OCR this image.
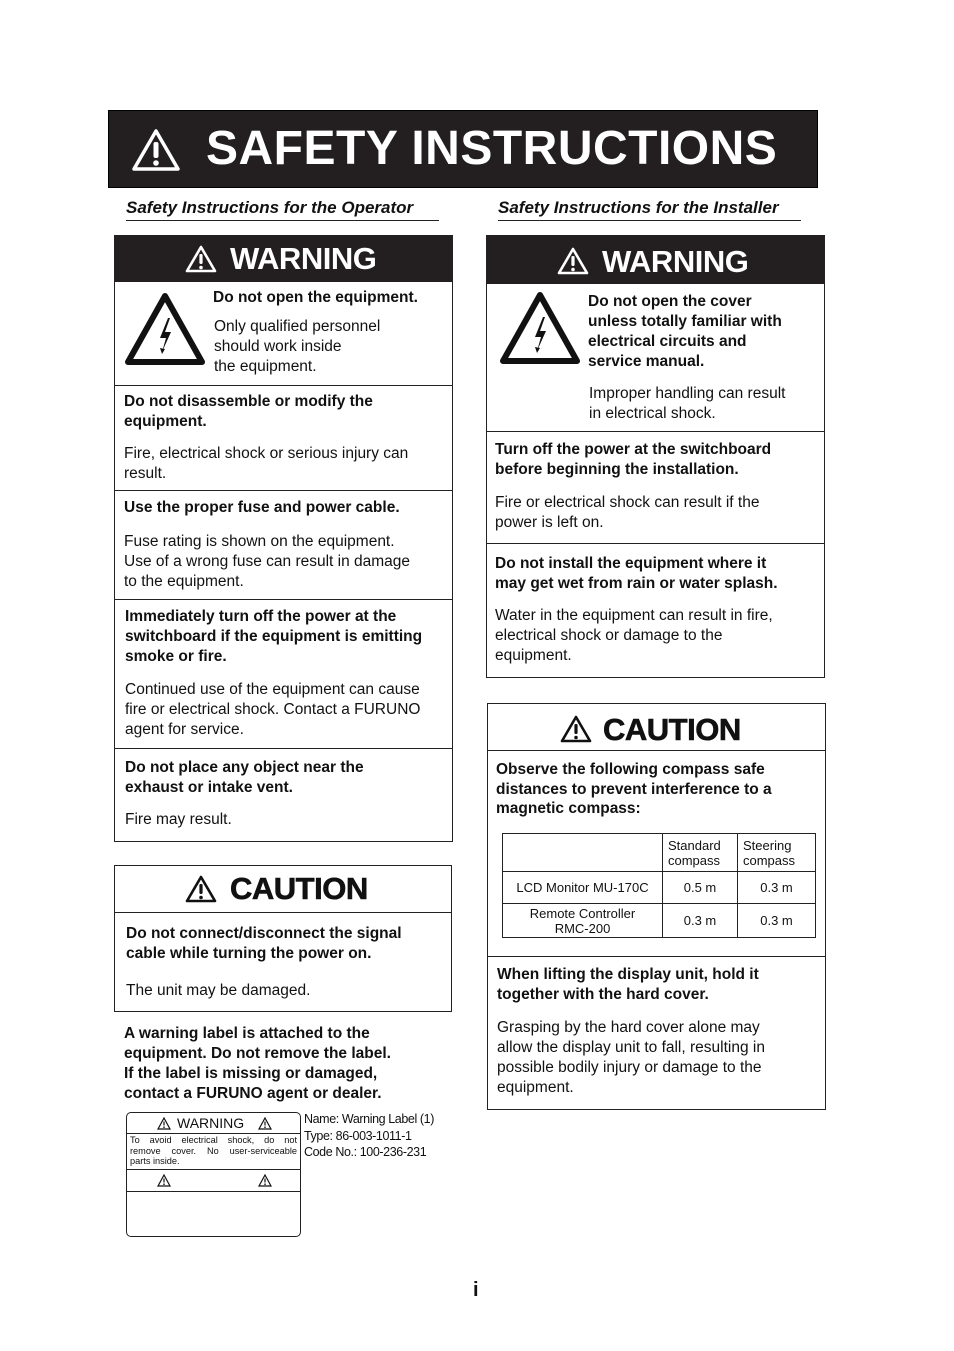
SAFETY INSTRUCTIONS
Safety Instructions for the Operator	Safety Instructions for the Installer
WARNING
Do not open the equipment.
Only qualified personnel
should work inside
the equipment.
Do not disassemble or modify the
equipment.
Fire, electrical shock or serious injury can
result.
Use the proper fuse and power cable.
Fuse rating is shown on the equipment.
Use of a wrong fuse can result in damage
to the equipment.
Immediately turn off the power at the
switchboard if the equipment is emitting
smoke or fire.
Continued use of the equipment can cause
fire or electrical shock. Contact a FURUNO
agent for service.
Do not place any object near the
exhaust or intake vent.
Fire may result.
CAUTION
Do not connect/disconnect the signal
cable while turning the power on.
The unit may be damaged.
A warning label is attached to the
equipment. Do not remove the label.
If the label is missing or damaged,
contact a FURUNO agent or dealer.
WARNING
To avoid electrical shock, do not
remove cover. No user-serviceable
parts inside.
Name: Warning Label (1)
Type: 86-003-1011-1
Code No.: 100-236-231
WARNING
Do not open the cover
unless totally familiar with
electrical circuits and
service manual.
Improper handling can result
in electrical shock.
Turn off the power at the switchboard
before beginning the installation.
Fire or electrical shock can result if the
power is left on.
Do not install the equipment where it
may get wet from rain or water splash.
Water in the equipment can result in fire,
electrical shock or damage to the
equipment.
CAUTION
Observe the following compass safe
distances to prevent interference to a
magnetic compass:
	Standard compass	Steering compass
LCD Monitor MU-170C	0.5 m	0.3 m
Remote Controller RMC-200	0.3 m	0.3 m
When lifting the display unit, hold it
together with the hard cover.
Grasping by the hard cover alone may
allow the display unit to fall, resulting in
possible bodily injury or damage to the
equipment.
i
